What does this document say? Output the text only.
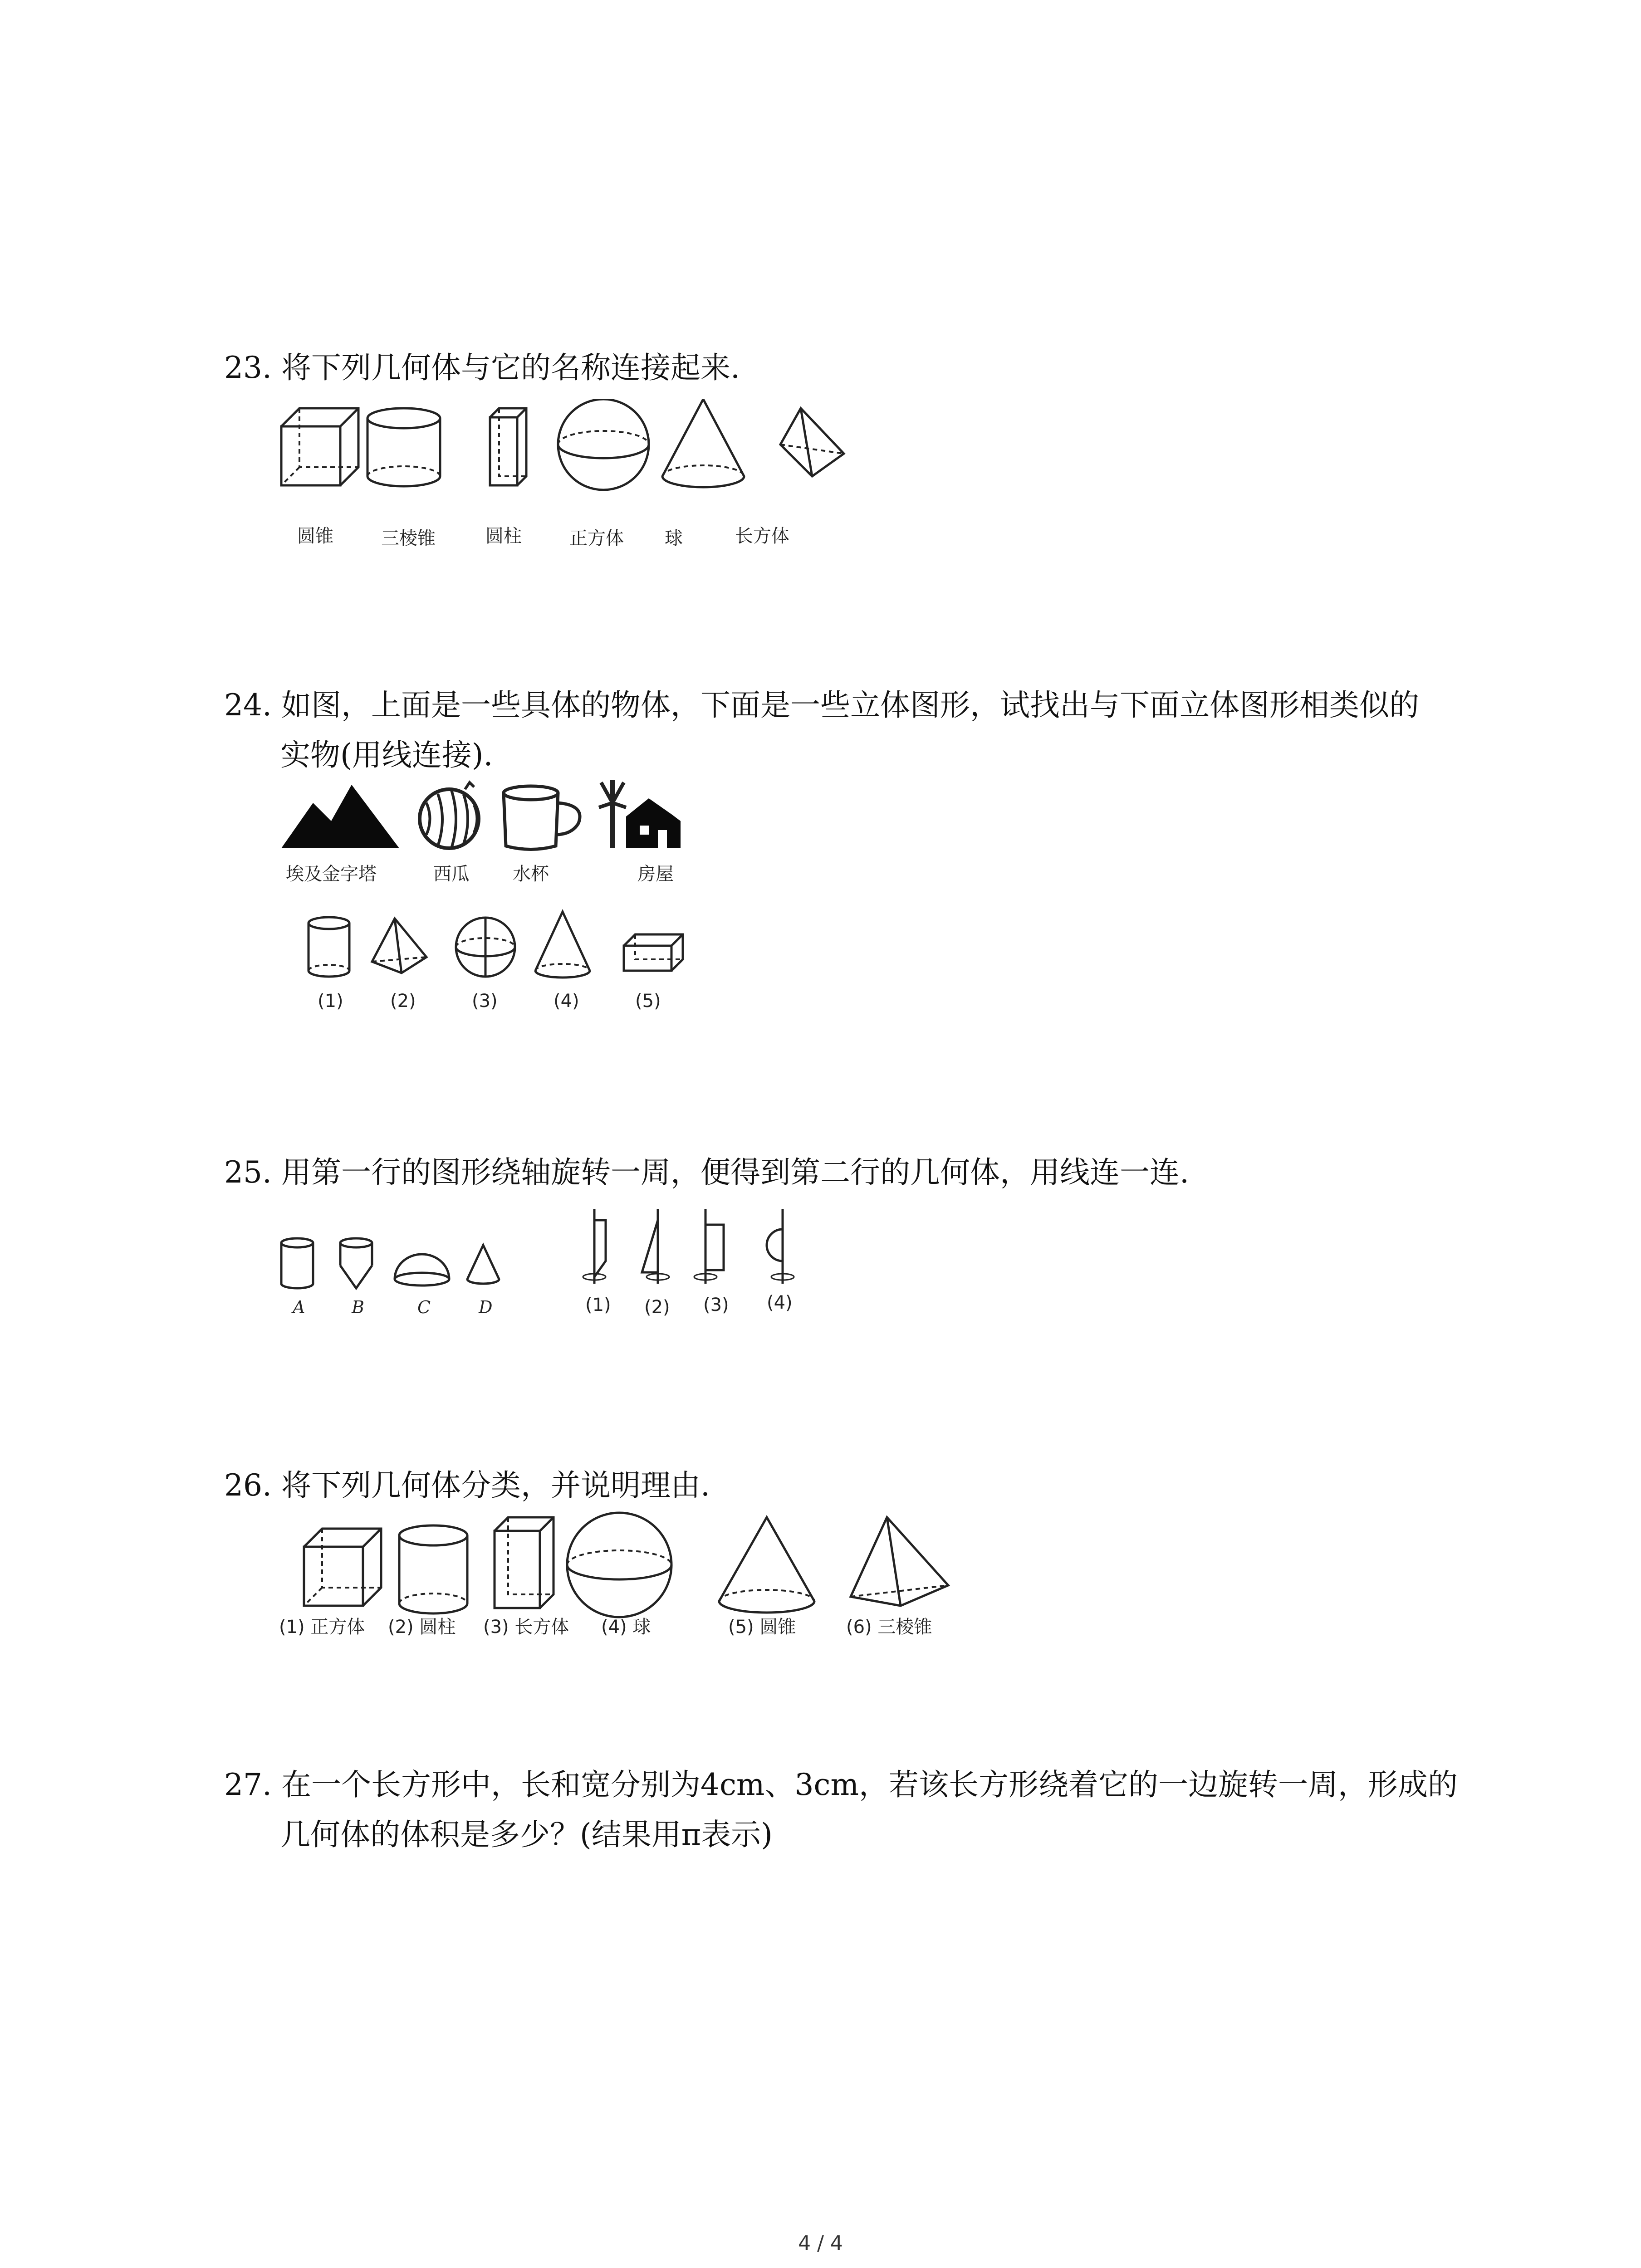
23. 将下列几何体与它的名称连接起来.
圆锥	三棱锥	圆柱	正方体 球	长方体
24. 如图，上面是一些具体的物体，下面是一些立体图形，试找出与下面立体图形相类似的
实物(用线连接).
埃及金字塔	西瓜 水杯	房屋
(1)	(2)	(3)	(4)	(5)
25. 用第一行的图形绕轴旋转一周，便得到第二行的几何体，用线连一连.
A	B	C	D	(1) (2) (3) (4)
26. 将下列几何体分类，并说明理由.
(1) 正方体 (2) 圆柱 (3) 长方体 (4) 球	(5) 圆锥	(6) 三棱锥
27. 在一个长方形中，长和宽分别为4cm、3cm，若该长方形绕着它的一边旋转一周，形成的
几何体的体积是多少？(结果用π表示)
4 / 4
